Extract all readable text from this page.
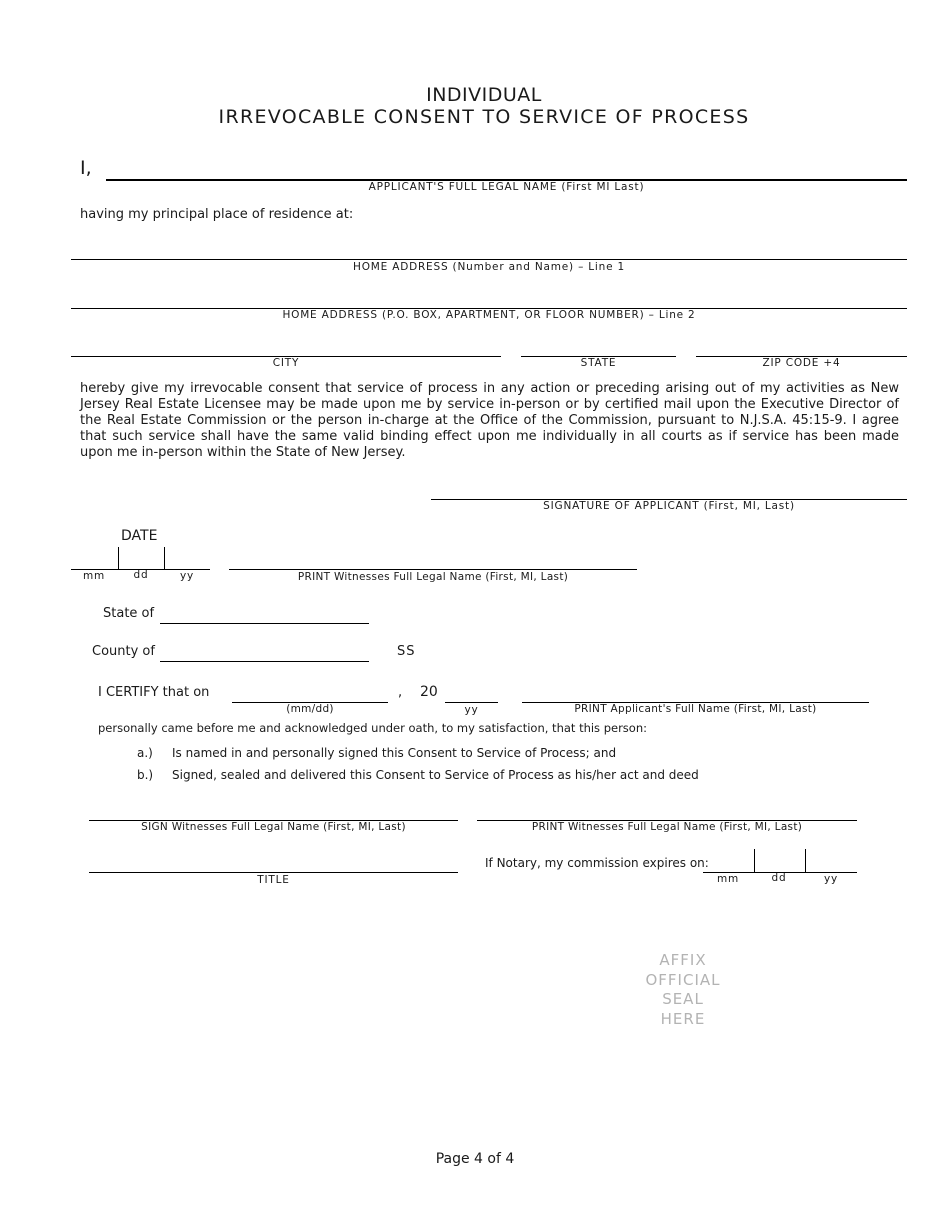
INDIVIDUAL
IRREVOCABLE CONSENT TO SERVICE OF PROCESS
I,
APPLICANT'S FULL LEGAL NAME (First MI Last)
having my principal place of residence at:
HOME ADDRESS (Number and Name) – Line 1
HOME ADDRESS (P.O. BOX, APARTMENT, OR FLOOR NUMBER) – Line 2
CITY	STATE	ZIP CODE +4
hereby give my irrevocable consent that service of process in any action or preceding arising out of my activities as New Jersey Real Estate Licensee may be made upon me by service in-person or by certified mail upon the Executive Director of the Real Estate Commission or the person in-charge at the Office of the Commission, pursuant to N.J.S.A. 45:15-9. I agree that such service shall have the same valid binding effect upon me individually in all courts as if service has been made upon me in-person within the State of New Jersey.
SIGNATURE OF APPLICANT (First, MI, Last)
DATE
mm	dd	yy	PRINT Witnesses Full Legal Name (First, MI, Last)
State of
County of	SS
I CERTIFY that on
(mm/dd)
, 20
yy	PRINT Applicant's Full Name (First, MI, Last)
personally came before me and acknowledged under oath, to my satisfaction, that this person:
a.) Is named in and personally signed this Consent to Service of Process; and
b.) Signed, sealed and delivered this Consent to Service of Process as his/her act and deed
SIGN Witnesses Full Legal Name (First, MI, Last)	PRINT Witnesses Full Legal Name (First, MI, Last)
TITLE
If Notary, my commission expires on:
mm	dd	yy
AFFIX
OFFICIAL
SEAL
HERE
Page 4 of 4
